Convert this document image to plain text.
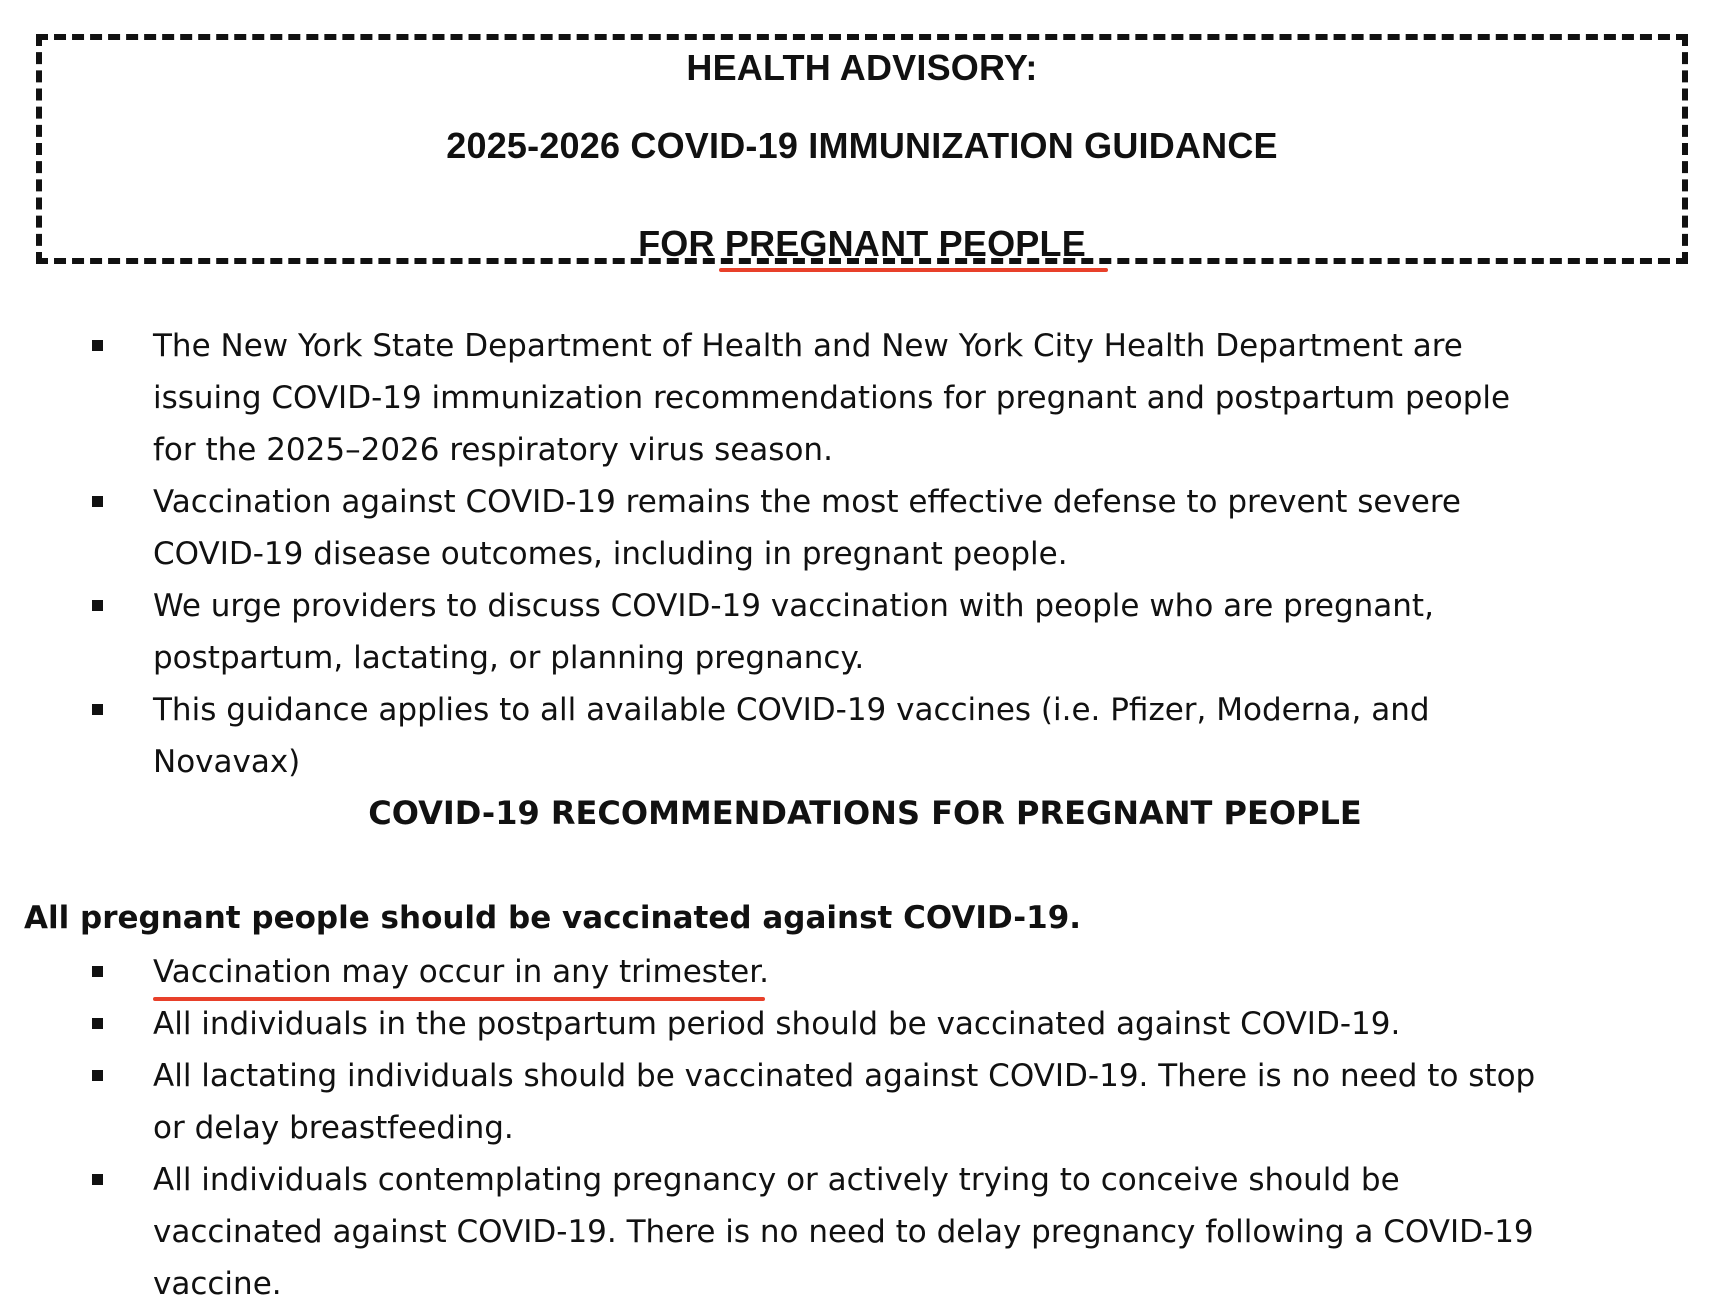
HEALTH ADVISORY:
2025-2026 COVID-19 IMMUNIZATION GUIDANCE
FOR PREGNANT PEOPLE
The New York State Department of Health and New York City Health Department are issuing COVID-19 immunization recommendations for pregnant and postpartum people for the 2025–2026 respiratory virus season.
Vaccination against COVID-19 remains the most effective defense to prevent severe COVID-19 disease outcomes, including in pregnant people.
We urge providers to discuss COVID-19 vaccination with people who are pregnant, postpartum, lactating, or planning pregnancy.
This guidance applies to all available COVID-19 vaccines (i.e. Pfizer, Moderna, and Novavax)
COVID-19 RECOMMENDATIONS FOR PREGNANT PEOPLE
All pregnant people should be vaccinated against COVID-19.
Vaccination may occur in any trimester.
All individuals in the postpartum period should be vaccinated against COVID-19.
All lactating individuals should be vaccinated against COVID-19. There is no need to stop or delay breastfeeding.
All individuals contemplating pregnancy or actively trying to conceive should be vaccinated against COVID-19. There is no need to delay pregnancy following a COVID-19 vaccine.
